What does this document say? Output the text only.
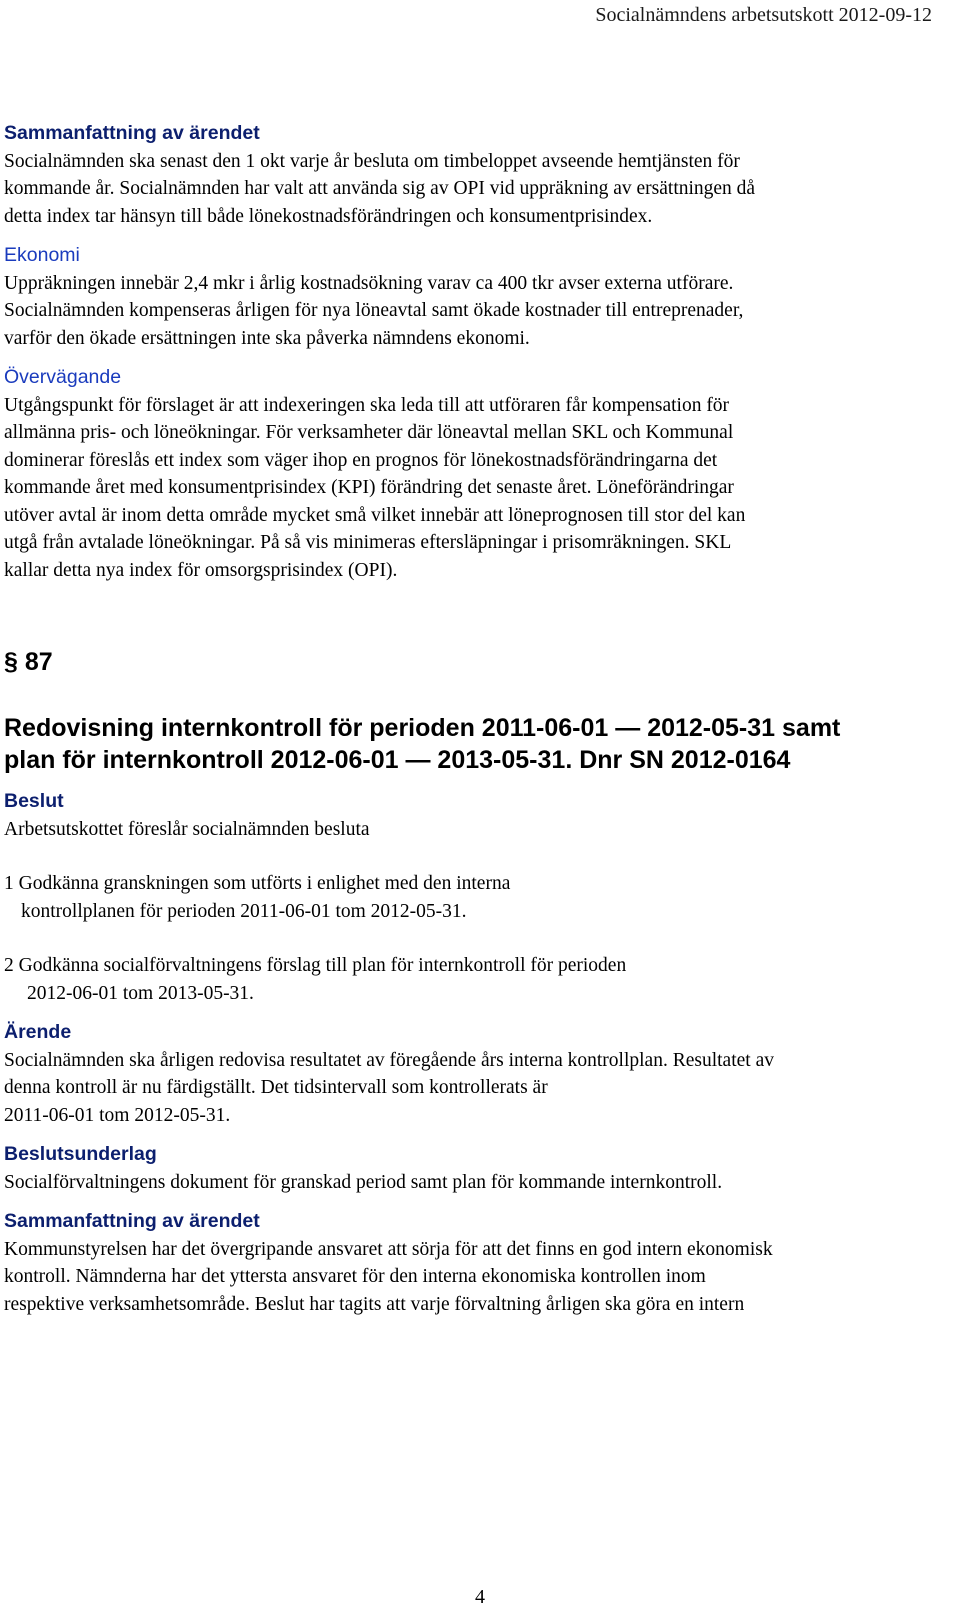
Socialnämndens arbetsutskott 2012-09-12
Sammanfattning av ärendet

Socialnämnden ska senast den 1 okt varje år besluta om timbeloppet avseende hemtjänsten för
kommande år. Socialnämnden har valt att använda sig av OPI vid uppräkning av ersättningen då
detta index tar hänsyn till både lönekostnadsförändringen och konsumentprisindex.

Ekonomi

Uppräkningen innebär 2,4 mkr i årlig kostnadsökning varav ca 400 tkr avser externa utförare.
Socialnämnden kompenseras årligen för nya löneavtal samt ökade kostnader till entreprenader,
varför den ökade ersättningen inte ska påverka nämndens ekonomi.

Övervägande

Utgångspunkt för förslaget är att indexeringen ska leda till att utföraren får kompensation för
allmänna pris- och löneökningar. För verksamheter där löneavtal mellan SKL och Kommunal
dominerar föreslås ett index som väger ihop en prognos för lönekostnadsförändringarna det
kommande året med konsumentprisindex (KPI) förändring det senaste året. Löneförändringar
utöver avtal är inom detta område mycket små vilket innebär att löneprognosen till stor del kan
utgå från avtalade löneökningar. På så vis minimeras eftersläpningar i prisomräkningen. SKL
kallar detta nya index för omsorgsprisindex (OPI).

§ 87
Redovisning internkontroll för perioden 2011-06-01 — 2012-05-31 samt
plan för internkontroll 2012-06-01 — 2013-05-31. Dnr SN 2012-0164
Beslut

Arbetsutskottet föreslår socialnämnden besluta

1 Godkänna granskningen som utförts i enlighet med den interna

kontrollplanen för perioden 2011-06-01 tom 2012-05-31.

2 Godkänna socialförvaltningens förslag till plan för internkontroll för perioden

2012-06-01 tom 2013-05-31.

Ärende

Socialnämnden ska årligen redovisa resultatet av föregående års interna kontrollplan. Resultatet av
denna kontroll är nu färdigställt. Det tidsintervall som kontrollerats är
2011-06-01 tom 2012-05-31.

Beslutsunderlag

Socialförvaltningens dokument för granskad period samt plan för kommande internkontroll.

Sammanfattning av ärendet

Kommunstyrelsen har det övergripande ansvaret att sörja för att det finns en god intern ekonomisk
kontroll. Nämnderna har det yttersta ansvaret för den interna ekonomiska kontrollen inom
respektive verksamhetsområde. Beslut har tagits att varje förvaltning årligen ska göra en intern

4
